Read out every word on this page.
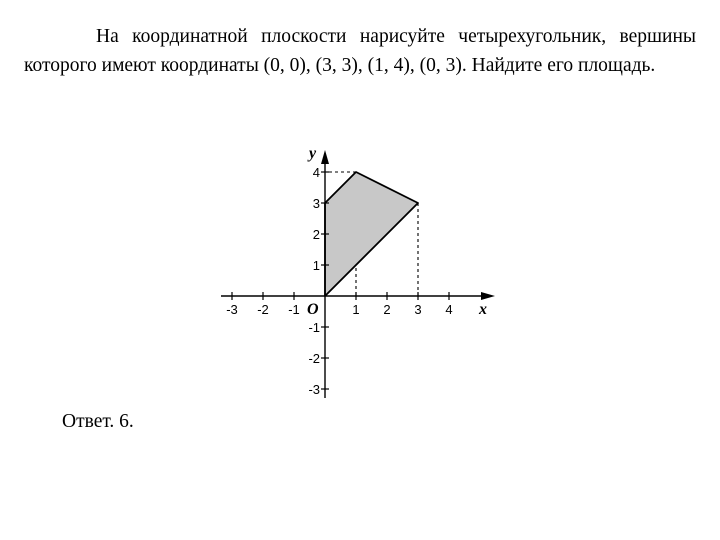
На координатной плоскости нарисуйте четырехугольник, вершины которого имеют координаты (0, 0), (3, 3), (1, 4), (0, 3). Найдите его площадь.

x
y
O
-3 -2 -1	1 2 3 4
4
3
2
1
-1
-2
-3
Ответ. 6.
